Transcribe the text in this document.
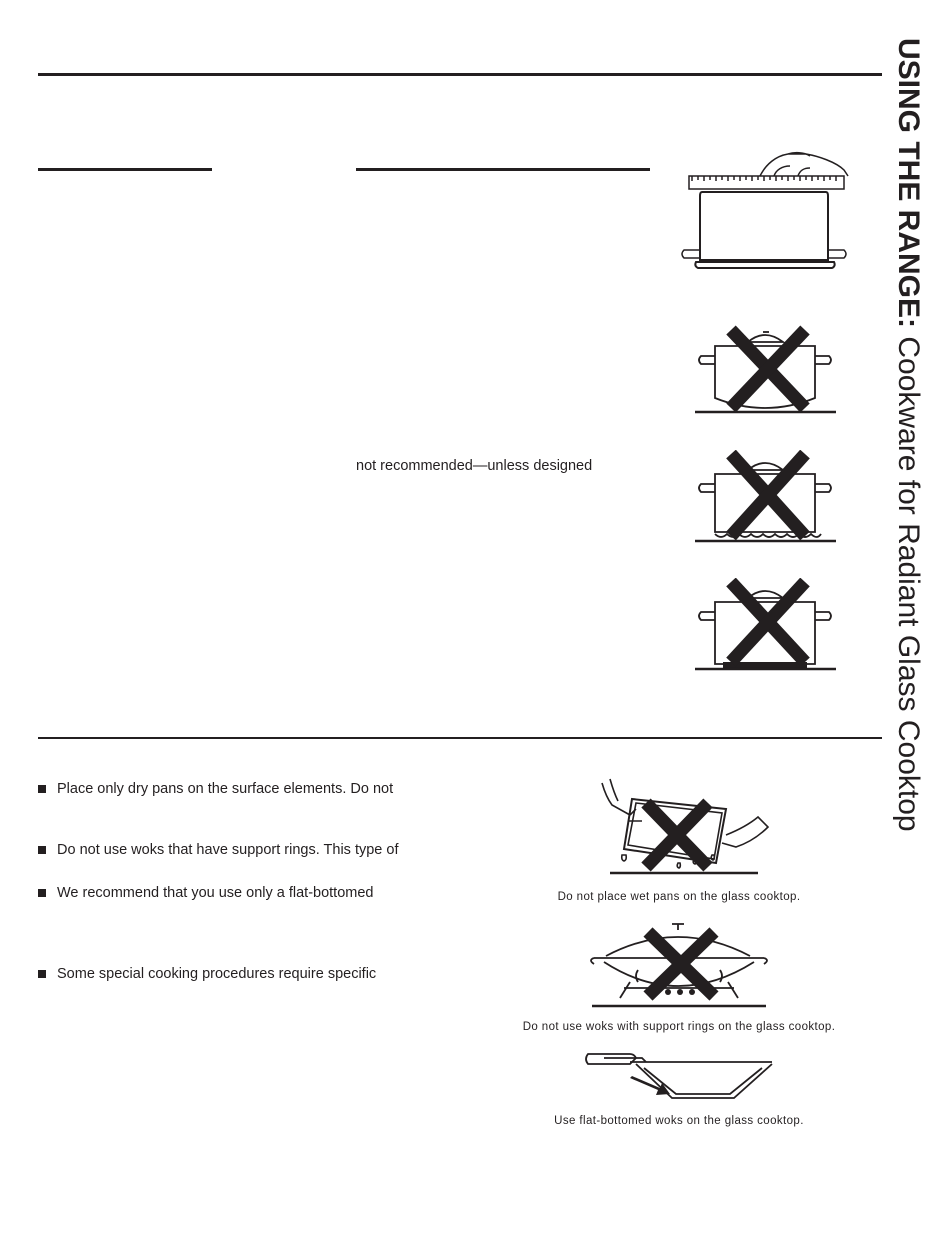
USING THE RANGE: Cookware for Radiant Glass Cooktop
not recommended—unless designed
Place only dry pans on the surface elements. Do not
Do not use woks that have support rings. This type of
We recommend that you use only a flat-bottomed
Some special cooking procedures require specific
Do not place wet pans on the glass cooktop.
Do not use woks with support rings on the glass cooktop.
Use flat-bottomed woks on the glass cooktop.
